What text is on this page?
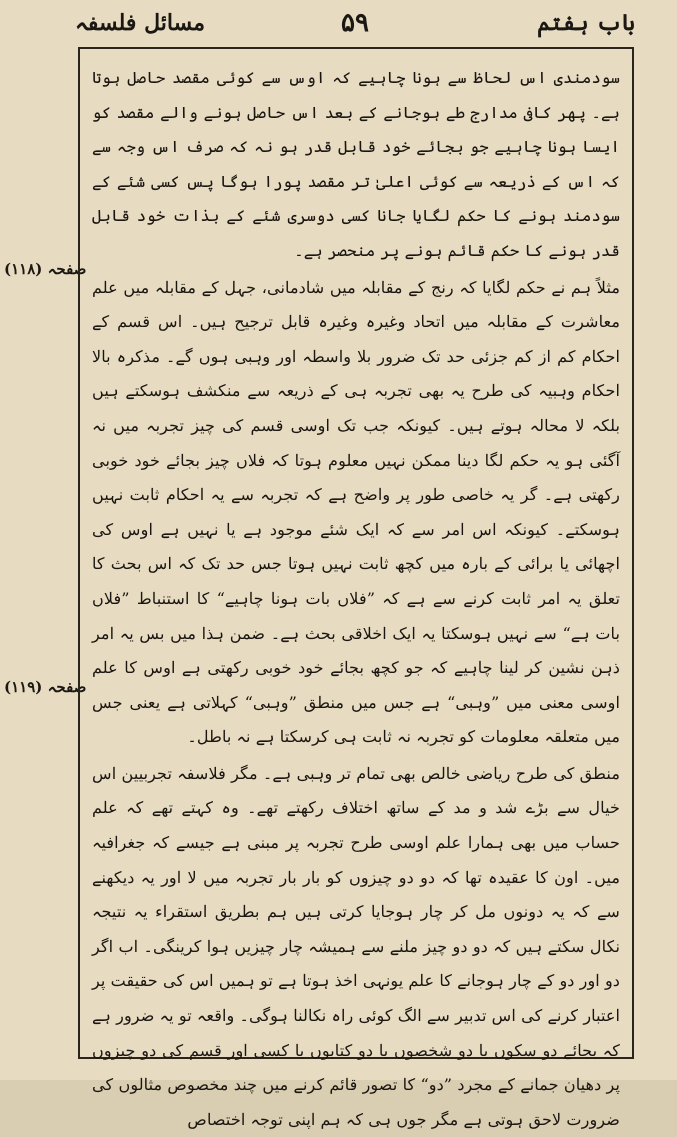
باب ہفتم
۵۹
مسائل فلسفہ
صفحہ (۱۱۸)
صفحہ (۱۱۹)

سودمندی اس لحاظ سے ہونا چاہیے کہ اوس سے کوئی مقصد حاصل ہوتا ہے۔ پھر کافی مدارج طے ہوجانے کے بعد اس حاصل ہونے والے مقصد کو ایسا ہونا چاہیے جو بجائے خود قابل قدر ہو نہ کہ صرف اس وجہ سے کہ اس کے ذریعہ سے کوئی اعلیٰ تر مقصد پورا ہوگا پس کسی شئے کے سودمند ہونے کا حکم لگایا جانا کسی دوسری شئے کے بذات خود قابل قدر ہونے کا حکم قائم ہونے پر منحصر ہے۔

مثلاً ہم نے حکم لگایا کہ رنج کے مقابلہ میں شادمانی، جہل کے مقابلہ میں علم معاشرت کے مقابلہ میں اتحاد وغیرہ وغیرہ قابل ترجیح ہیں۔ اس قسم کے احکام کم از کم جزئی حد تک ضرور بلا واسطہ اور وہبی ہوں گے۔ مذکرہ بالا احکام وہبیہ کی طرح یہ بھی تجربہ ہی کے ذریعہ سے منکشف ہوسکتے ہیں بلکہ لا محالہ ہوتے ہیں۔ کیونکہ جب تک اوسی قسم کی چیز تجربہ میں نہ آگئی ہو یہ حکم لگا دینا ممکن نہیں معلوم ہوتا کہ فلاں چیز بجائے خود خوبی رکھتی ہے۔ گر یہ خاصی طور پر واضح ہے کہ تجربہ سے یہ احکام ثابت نہیں ہوسکتے۔ کیونکہ اس امر سے کہ ایک شئے موجود ہے یا نہیں ہے اوس کی اچھائی یا برائی کے بارہ میں کچھ ثابت نہیں ہوتا جس حد تک کہ اس بحث کا تعلق یہ امر ثابت کرنے سے ہے کہ ”فلاں بات ہونا چاہیے“ کا استنباط ”فلاں بات ہے“ سے نہیں ہوسکتا یہ ایک اخلاقی بحث ہے۔ ضمن ہذا میں بس یہ امر ذہن نشین کر لینا چاہیے کہ جو کچھ بجائے خود خوبی رکھتی ہے اوس کا علم اوسی معنی میں ”وہبی“ ہے جس میں منطق ”وہبی“ کہلاتی ہے یعنی جس میں متعلقہ معلومات کو تجربہ نہ ثابت ہی کرسکتا ہے نہ باطل۔

منطق کی طرح ریاضی خالص بھی تمام تر وہبی ہے۔ مگر فلاسفہ تجربیین اس خیال سے بڑے شد و مد کے ساتھ اختلاف رکھتے تھے۔ وہ کہتے تھے کہ علم حساب میں بھی ہمارا علم اوسی طرح تجربہ پر مبنی ہے جیسے کہ جغرافیہ میں۔ اون کا عقیدہ تھا کہ دو دو چیزوں کو بار بار تجربہ میں لا اور یہ دیکھنے سے کہ یہ دونوں مل کر چار ہوجایا کرتی ہیں ہم بطریق استقراء یہ نتیجہ نکال سکتے ہیں کہ دو دو چیز ملنے سے ہمیشہ چار چیزیں ہوا کرینگی۔ اب اگر دو اور دو کے چار ہوجانے کا علم یونہی اخذ ہوتا ہے تو ہمیں اس کی حقیقت پر اعتبار کرنے کی اس تدبیر سے الگ کوئی راہ نکالنا ہوگی۔ واقعہ تو یہ ضرور ہے کہ بجائے دو سکوں یا دو شخصوں یا دو کتابوں یا کسی اور قسم کی دو چیزوں پر دھیان جمانے کے مجرد ”دو“ کا تصور قائم کرنے میں چند مخصوص مثالوں کی ضرورت لاحق ہوتی ہے مگر جوں ہی کہ ہم اپنی توجہ اختصاص
